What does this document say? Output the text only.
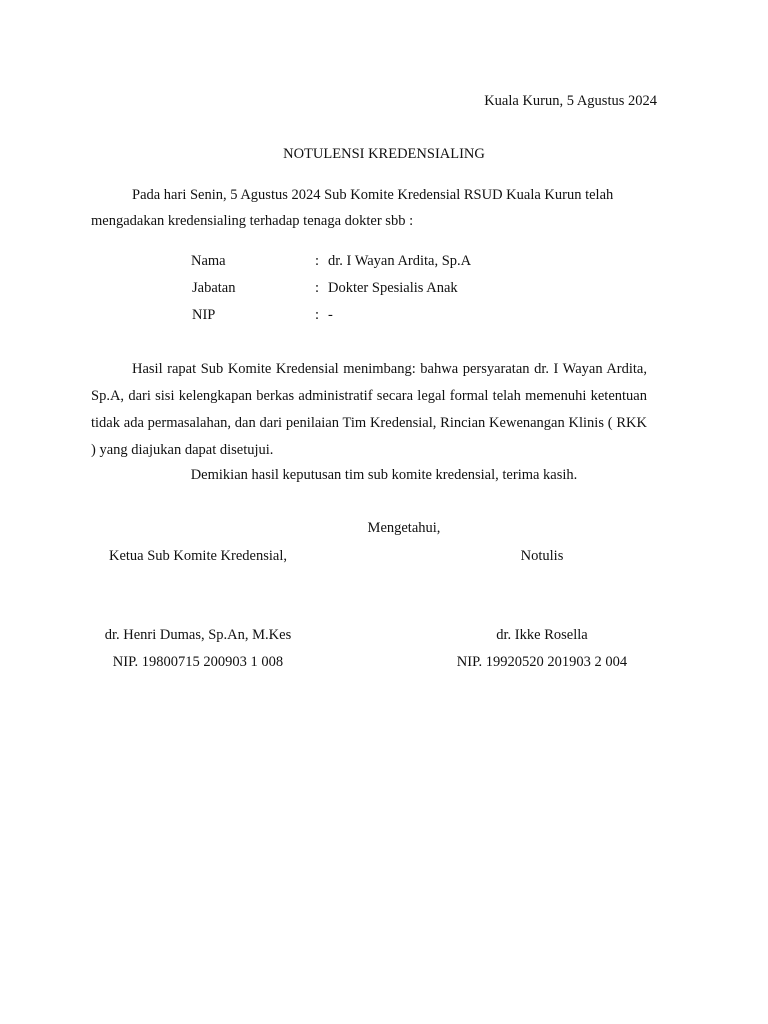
Kuala Kurun, 5 Agustus 2024
NOTULENSI KREDENSIALING
Pada hari Senin, 5 Agustus 2024 Sub Komite Kredensial RSUD Kuala Kurun telah
mengadakan kredensialing terhadap tenaga dokter sbb :
Nama	: dr. I Wayan Ardita, Sp.A
Jabatan	: Dokter Spesialis Anak
NIP	: -
Hasil rapat Sub Komite Kredensial menimbang: bahwa persyaratan dr. I Wayan Ardita, Sp.A, dari sisi kelengkapan berkas administratif secara legal formal telah memenuhi ketentuan tidak ada permasalahan, dan dari penilaian Tim Kredensial, Rincian Kewenangan Klinis ( RKK ) yang diajukan dapat disetujui.
Demikian hasil keputusan tim sub komite kredensial, terima kasih.
Mengetahui,
Ketua Sub Komite Kredensial,
dr. Henri Dumas, Sp.An, M.Kes
NIP. 19800715 200903 1 008
Notulis
dr. Ikke Rosella
NIP. 19920520 201903 2 004
